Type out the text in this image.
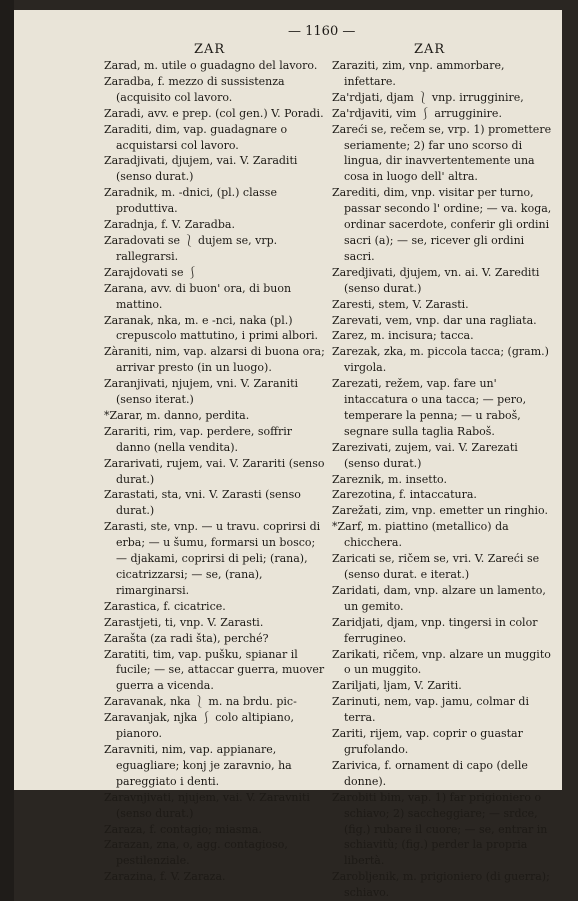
ZAR
— 1160 —
ZAR

Zarad, m. utile o guadagno del lavoro.

Zaradba, f. mezzo di sussistenza (acquisito col lavoro.

Zaradi, avv. e prep. (col gen.) V. Poradi.

Zaraditi, dim, vap. guadagnare o acquistarsi col lavoro.

Zaradjivati, djujem, vai. V. Zaraditi (senso durat.)

Zaradnik, m. -dnici, (pl.) classe produttiva.

Zaradnja, f. V. Zaradba.

Zaradovati se ⎱ dujem se, vrp. rallegrarsi.

Zarajdovati se ⎰

Zarana, avv. di buon' ora, di buon mattino.

Zaranak, nka, m. e -nci, naka (pl.) crepuscolo mattutino, i primi albori.

Zàraniti, nim, vap. alzarsi di buona ora; arrivar presto (in un luogo).

Zaranjivati, njujem, vni. V. Zaraniti (senso iterat.)

*Zarar, m. danno, perdita.

Zarariti, rim, vap. perdere, soffrir danno (nella vendita).

Zararivati, rujem, vai. V. Zarariti (senso durat.)

Zarastati, sta, vni. V. Zarasti (senso durat.)

Zarasti, ste, vnp. — u travu. coprirsi di erba; — u šumu, formarsi un bosco; — djakami, coprirsi di peli; (rana), cicatrizzarsi; — se, (rana), rimarginarsi.

Zarastica, f. cicatrice.

Zarastjeti, ti, vnp. V. Zarasti.

Zarašta (za radi šta), perché?

Zaratiti, tim, vap. pušku, spianar il fucile; — se, attaccar guerra, muover guerra a vicenda.

Zaravanak, nka ⎱ m. na brdu. pic-

Zaravanjak, njka ⎰ colo altipiano, pianoro.

Zaravniti, nim, vap. appianare, eguagliare; konj je zaravnio, ha pareggiato i denti.

Zaravnjivati, njujem, vai. V. Zaravniti (senso durat.)

Zaraza, f. contagio; miasma.

Zarazan, zna, o, agg. contagioso, pestilenziale.

Zarazina, f. V. Zaraza.

Zaraziti, zim, vnp. ammorbare, infettare.

Za'rdjati, djam ⎱ vnp. irrugginire,

Za'rdjaviti, vim ⎰ arrugginire.

Zareći se, rečem se, vrp. 1) promettere seriamente; 2) far uno scorso di lingua, dir inavvertentemente una cosa in luogo dell' altra.

Zarediti, dim, vnp. visitar per turno, passar secondo l' ordine; — va. koga, ordinar sacerdote, conferir gli ordini sacri (a); — se, ricever gli ordini sacri.

Zaredjivati, djujem, vn. ai. V. Zarediti (senso durat.)

Zaresti, stem, V. Zarasti.

Zarevati, vem, vnp. dar una ragliata.

Zarez, m. incisura; tacca.

Zarezak, zka, m. piccola tacca; (gram.) virgola.

Zarezati, režem, vap. fare un' intaccatura o una tacca; — pero, temperare la penna; — u raboš, segnare sulla taglia Raboš.

Zarezivati, zujem, vai. V. Zarezati (senso durat.)

Zareznik, m. insetto.

Zarezotina, f. intaccatura.

Zarežati, zim, vnp. emetter un ringhio.

*Zarf, m. piattino (metallico) da chicchera.

Zaricati se, ričem se, vri. V. Zareći se (senso durat. e iterat.)

Zaridati, dam, vnp. alzare un lamento, un gemito.

Zaridjati, djam, vnp. tingersi in color ferrugineo.

Zarikati, ričem, vnp. alzare un muggito o un muggito.

Zariljati, ljam, V. Zariti.

Zarinuti, nem, vap. jamu, colmar di terra.

Zariti, rijem, vap. coprir o guastar grufolando.

Zarivica, f. ornament di capo (delle donne).

Zarobiti bim, vap. 1) far prigioniero o schiavo; 2) saccheggiare; — srdce, (fig.) rubare il cuore; — se, entrar in schiavitù; (fig.) perder la propria libertà.

Zarobljenik, m. prigioniero (di guerra); schiavo.
